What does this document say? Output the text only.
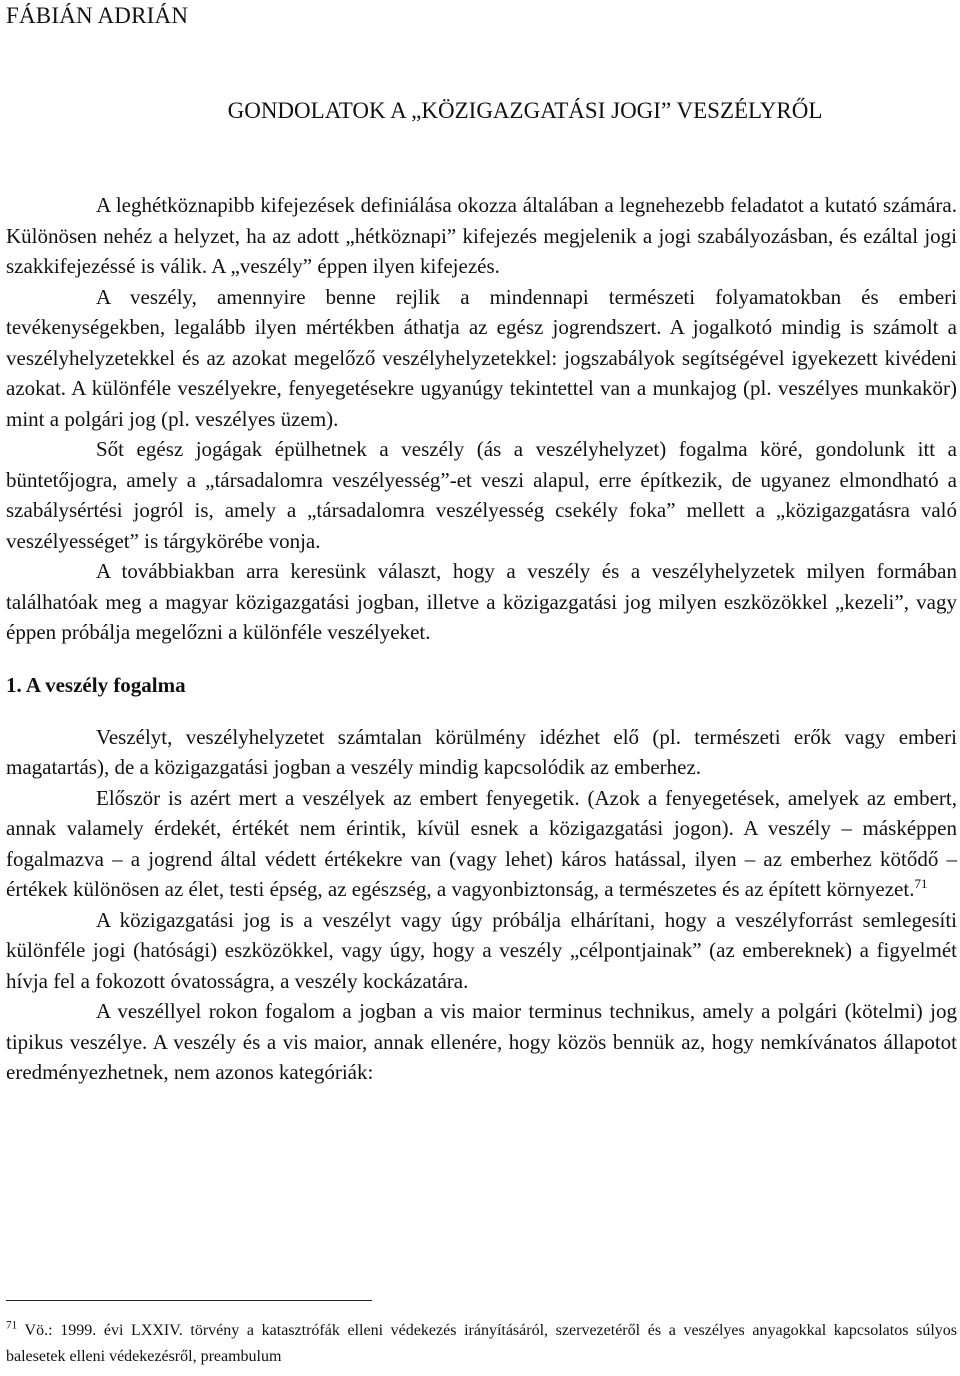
FÁBIÁN ADRIÁN
GONDOLATOK A „KÖZIGAZGATÁSI JOGI” VESZÉLYRŐL

A leghétköznapibb kifejezések definiálása okozza általában a legnehezebb feladatot a kutató számára. Különösen nehéz a helyzet, ha az adott „hétköznapi” kifejezés megjelenik a jogi szabályozásban, és ezáltal jogi szakkifejezéssé is válik. A „veszély” éppen ilyen kifejezés.

A veszély, amennyire benne rejlik a mindennapi természeti folyamatokban és emberi tevékenységekben, legalább ilyen mértékben áthatja az egész jogrendszert. A jogalkotó mindig is számolt a veszélyhelyzetekkel és az azokat megelőző veszélyhelyzetekkel: jogszabályok segítségével igyekezett kivédeni azokat. A különféle veszélyekre, fenyegetésekre ugyanúgy tekintettel van a munkajog (pl. veszélyes munkakör) mint a polgári jog (pl. veszélyes üzem).

Sőt egész jogágak épülhetnek a veszély (ás a veszélyhelyzet) fogalma köré, gondolunk itt a büntetőjogra, amely a „társadalomra veszélyesség”-et veszi alapul, erre építkezik, de ugyanez elmondható a szabálysértési jogról is, amely a „társadalomra veszélyesség csekély foka” mellett a „közigazgatásra való veszélyességet” is tárgykörébe vonja.

A továbbiakban arra keresünk választ, hogy a veszély és a veszélyhelyzetek milyen formában találhatóak meg a magyar közigazgatási jogban, illetve a közigazgatási jog milyen eszközökkel „kezeli”, vagy éppen próbálja megelőzni a különféle veszélyeket.

1. A veszély fogalma

Veszélyt, veszélyhelyzetet számtalan körülmény idézhet elő (pl. természeti erők vagy emberi magatartás), de a közigazgatási jogban a veszély mindig kapcsolódik az emberhez.

Először is azért mert a veszélyek az embert fenyegetik. (Azok a fenyegetések, amelyek az embert, annak valamely érdekét, értékét nem érintik, kívül esnek a közigazgatási jogon). A veszély – másképpen fogalmazva – a jogrend által védett értékekre van (vagy lehet) káros hatással, ilyen – az emberhez kötődő – értékek különösen az élet, testi épség, az egészség, a vagyonbiztonság, a természetes és az épített környezet.$^{71}$

A közigazgatási jog is a veszélyt vagy úgy próbálja elhárítani, hogy a veszélyforrást semlegesíti különféle jogi (hatósági) eszközökkel, vagy úgy, hogy a veszély „célpontjainak” (az embereknek) a figyelmét hívja fel a fokozott óvatosságra, a veszély kockázatára.

A veszéllyel rokon fogalom a jogban a vis maior terminus technikus, amely a polgári (kötelmi) jog tipikus veszélye. A veszély és a vis maior, annak ellenére, hogy közös bennük az, hogy nemkívánatos állapotot eredményezhetnek, nem azonos kategóriák:

$^{71}$ Vö.: 1999. évi LXXIV. törvény a katasztrófák elleni védekezés irányításáról, szervezetéről és a veszélyes anyagokkal kapcsolatos súlyos balesetek elleni védekezésről, preambulum
